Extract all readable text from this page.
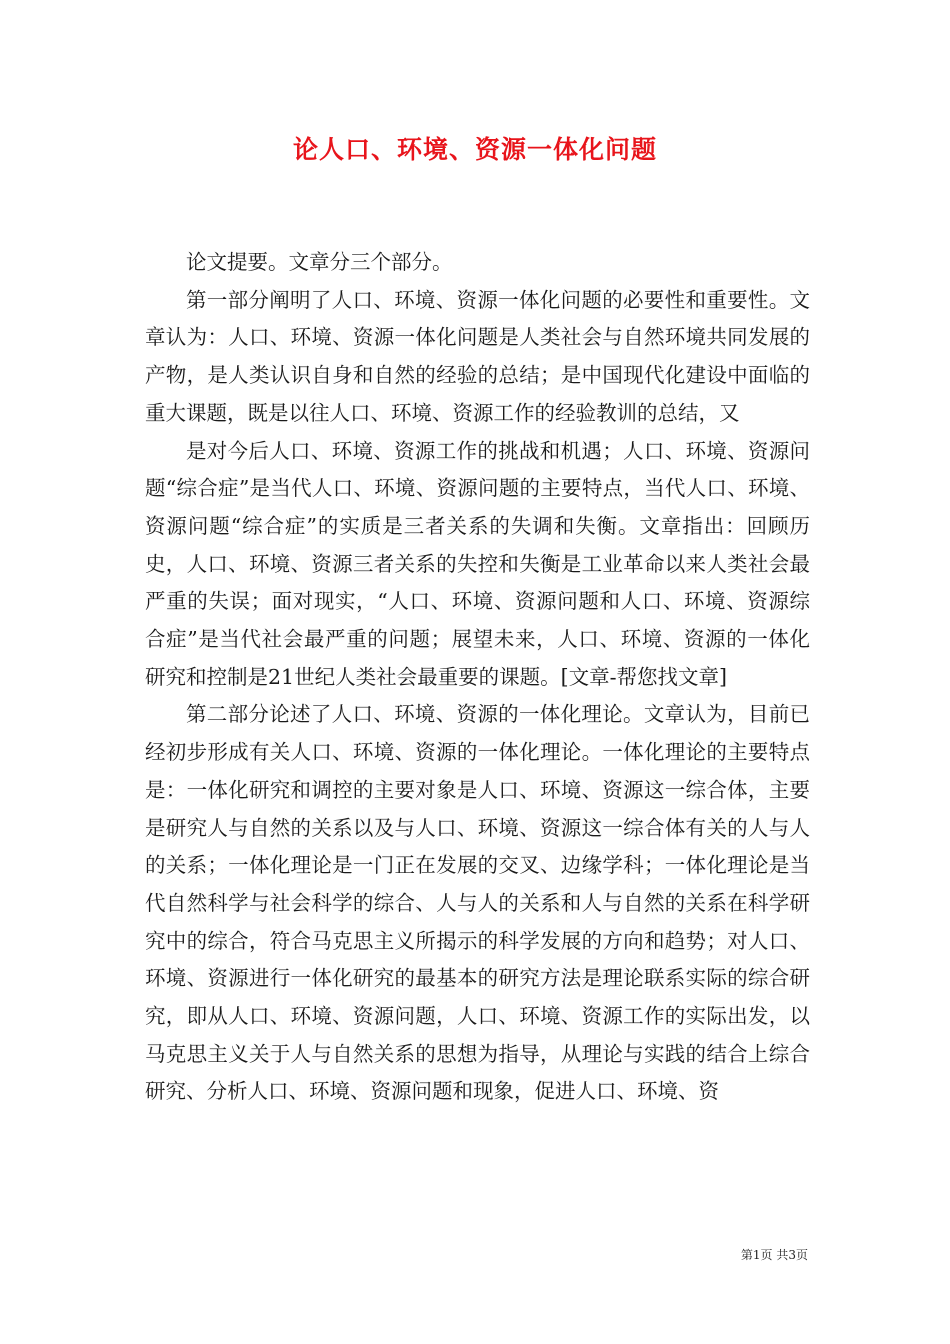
论人口、环境、资源一体化问题

论文提要。文章分三个部分。

第一部分阐明了人口、环境、资源一体化问题的必要性和重要性。文章认为：人口、环境、资源一体化问题是人类社会与自然环境共同发展的产物，是人类认识自身和自然的经验的总结；是中国现代化建设中面临的重大课题，既是以往人口、环境、资源工作的经验教训的总结，又

是对今后人口、环境、资源工作的挑战和机遇；人口、环境、资源问题“综合症”是当代人口、环境、资源问题的主要特点，当代人口、环境、资源问题“综合症”的实质是三者关系的失调和失衡。文章指出：回顾历史，人口、环境、资源三者关系的失控和失衡是工业革命以来人类社会最严重的失误；面对现实，“人口、环境、资源问题和人口、环境、资源综合症”是当代社会最严重的问题；展望未来，人口、环境、资源的一体化研究和控制是21世纪人类社会最重要的课题。[文章-帮您找文章]

第二部分论述了人口、环境、资源的一体化理论。文章认为，目前已经初步形成有关人口、环境、资源的一体化理论。一体化理论的主要特点是：一体化研究和调控的主要对象是人口、环境、资源这一综合体，主要是研究人与自然的关系以及与人口、环境、资源这一综合体有关的人与人的关系；一体化理论是一门正在发展的交叉、边缘学科；一体化理论是当代自然科学与社会科学的综合、人与人的关系和人与自然的关系在科学研究中的综合，符合马克思主义所揭示的科学发展的方向和趋势；对人口、环境、资源进行一体化研究的最基本的研究方法是理论联系实际的综合研究，即从人口、环境、资源问题，人口、环境、资源工作的实际出发，以马克思主义关于人与自然关系的思想为指导，从理论与实践的结合上综合研究、分析人口、环境、资源问题和现象，促进人口、环境、资

第1页 共3页
